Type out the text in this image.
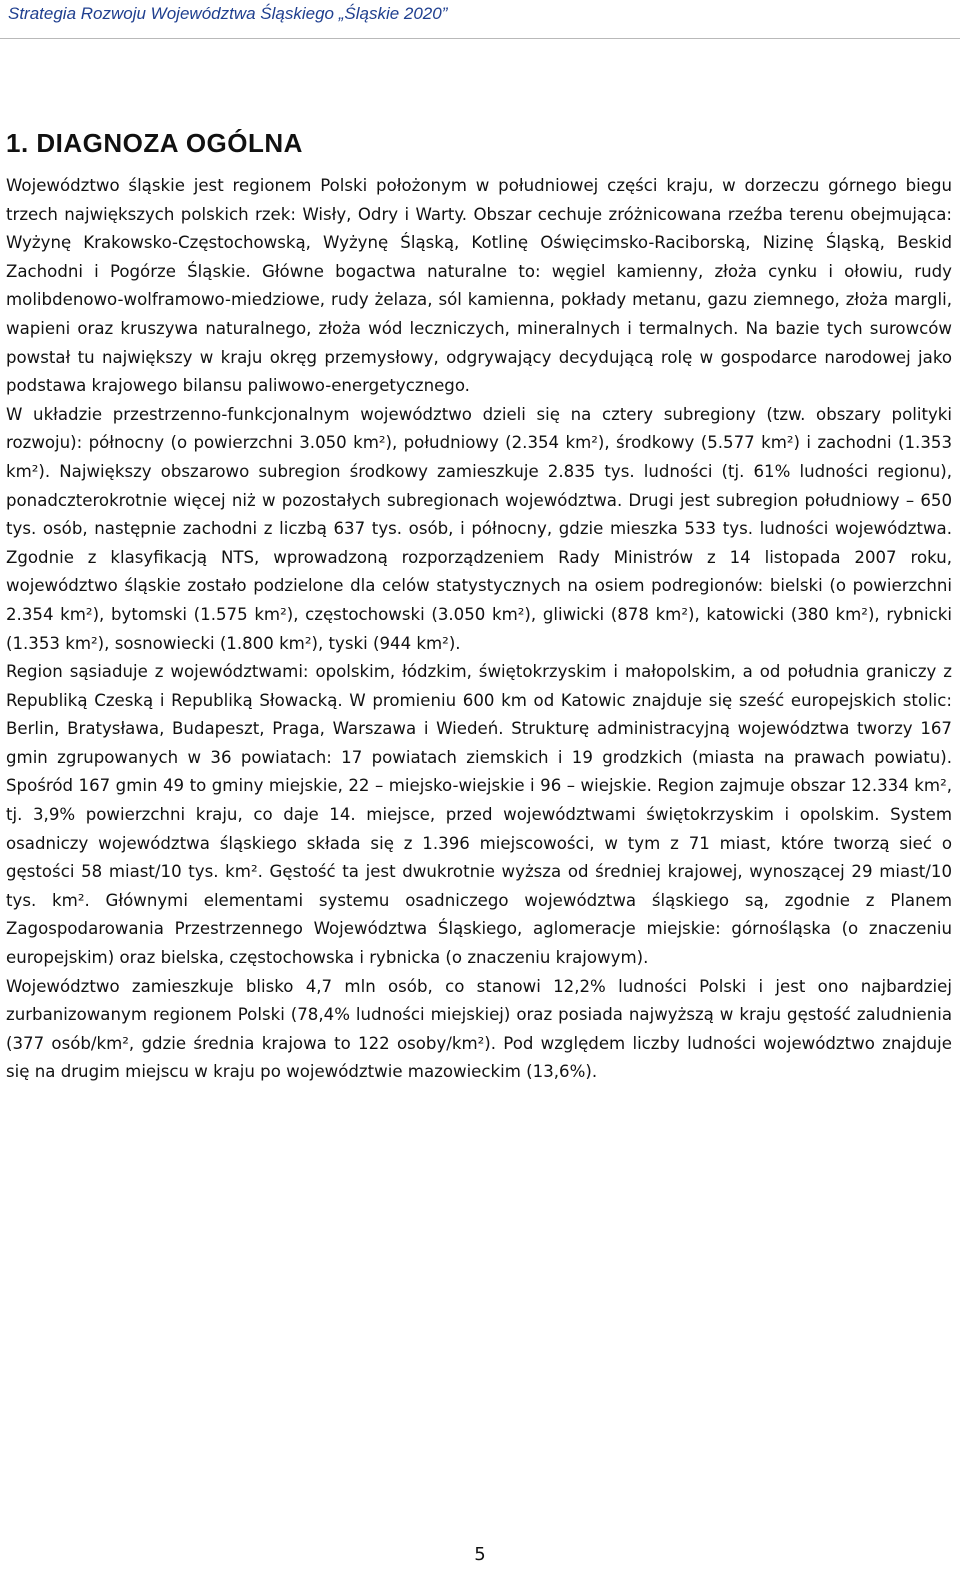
Strategia Rozwoju Województwa Śląskiego „Śląskie 2020”
1. DIAGNOZA OGÓLNA

Województwo śląskie jest regionem Polski położonym w południowej części kraju, w dorzeczu górnego biegu trzech największych polskich rzek: Wisły, Odry i Warty. Obszar cechuje zróżnicowana rzeźba terenu obejmująca: Wyżynę Krakowsko-Częstochowską, Wyżynę Śląską, Kotlinę Oświęcimsko-Raciborską, Nizinę Śląską, Beskid Zachodni i Pogórze Śląskie. Główne bogactwa naturalne to: węgiel kamienny, złoża cynku i ołowiu, rudy molibdenowo-wolframowo-miedziowe, rudy żelaza, sól kamienna, pokłady metanu, gazu ziemnego, złoża margli, wapieni oraz kruszywa naturalnego, złoża wód leczniczych, mineralnych i termalnych. Na bazie tych surowców powstał tu największy w kraju okręg przemysłowy, odgrywający decydującą rolę w gospodarce narodowej jako podstawa krajowego bilansu paliwowo-energetycznego.

W układzie przestrzenno-funkcjonalnym województwo dzieli się na cztery subregiony (tzw. obszary polityki rozwoju): północny (o powierzchni 3.050 km²), południowy (2.354 km²), środkowy (5.577 km²) i zachodni (1.353 km²). Największy obszarowo subregion środkowy zamieszkuje 2.835 tys. ludności (tj. 61% ludności regionu), ponadczterokrotnie więcej niż w pozostałych subregionach województwa. Drugi jest subregion południowy – 650 tys. osób, następnie zachodni z liczbą 637 tys. osób, i północny, gdzie mieszka 533 tys. ludności województwa. Zgodnie z klasyfikacją NTS, wprowadzoną rozporządzeniem Rady Ministrów z 14 listopada 2007 roku, województwo śląskie zostało podzielone dla celów statystycznych na osiem podregionów: bielski (o powierzchni 2.354 km²), bytomski (1.575 km²), częstochowski (3.050 km²), gliwicki (878 km²), katowicki (380 km²), rybnicki (1.353 km²), sosnowiecki (1.800 km²), tyski (944 km²).

Region sąsiaduje z województwami: opolskim, łódzkim, świętokrzyskim i małopolskim, a od południa graniczy z Republiką Czeską i Republiką Słowacką. W promieniu 600 km od Katowic znajduje się sześć europejskich stolic: Berlin, Bratysława, Budapeszt, Praga, Warszawa i Wiedeń. Strukturę administracyjną województwa tworzy 167 gmin zgrupowanych w 36 powiatach: 17 powiatach ziemskich i 19 grodzkich (miasta na prawach powiatu). Spośród 167 gmin 49 to gminy miejskie, 22 – miejsko-wiejskie i 96 – wiejskie. Region zajmuje obszar 12.334 km², tj. 3,9% powierzchni kraju, co daje 14. miejsce, przed województwami świętokrzyskim i opolskim. System osadniczy województwa śląskiego składa się z 1.396 miejscowości, w tym z 71 miast, które tworzą sieć o gęstości 58 miast/10 tys. km². Gęstość ta jest dwukrotnie wyższa od średniej krajowej, wynoszącej 29 miast/10 tys. km². Głównymi elementami systemu osadniczego województwa śląskiego są, zgodnie z Planem Zagospodarowania Przestrzennego Województwa Śląskiego, aglomeracje miejskie: górnośląska (o znaczeniu europejskim) oraz bielska, częstochowska i rybnicka (o znaczeniu krajowym).

Województwo zamieszkuje blisko 4,7 mln osób, co stanowi 12,2% ludności Polski i jest ono najbardziej zurbanizowanym regionem Polski (78,4% ludności miejskiej) oraz posiada najwyższą w kraju gęstość zaludnienia (377 osób/km², gdzie średnia krajowa to 122 osoby/km²). Pod względem liczby ludności województwo znajduje się na drugim miejscu w kraju po województwie mazowieckim (13,6%).

5
